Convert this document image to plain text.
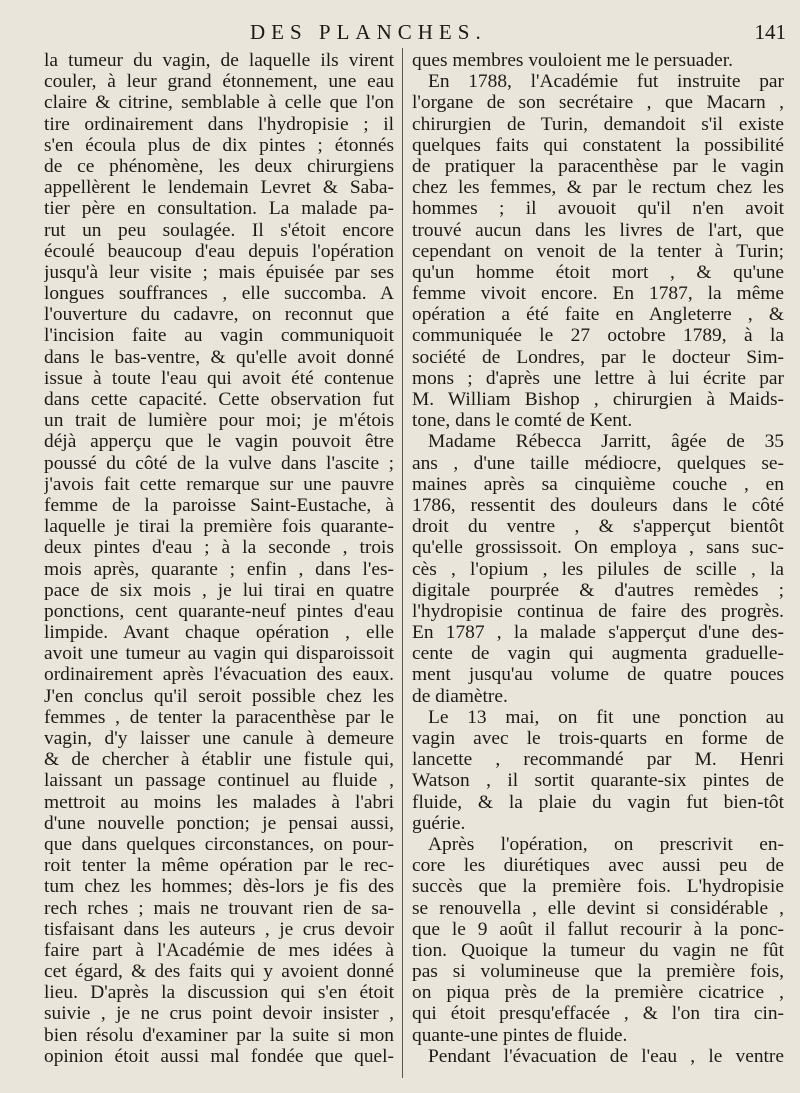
DES PLANCHES.	141
la tumeur du vagin, de laquelle ils virent
couler, à leur grand étonnement, une eau
claire & citrine, semblable à celle que l'on
tire ordinairement dans l'hydropisie ; il
s'en écoula plus de dix pintes ; étonnés
de ce phénomène, les deux chirurgiens
appellèrent le lendemain Levret & Saba-
tier père en consultation. La malade pa-
rut un peu soulagée. Il s'étoit encore
écoulé beaucoup d'eau depuis l'opération
jusqu'à leur visite ; mais épuisée par ses
longues souffrances , elle succomba. A
l'ouverture du cadavre, on reconnut que
l'incision faite au vagin communiquoit
dans le bas-ventre, & qu'elle avoit donné
issue à toute l'eau qui avoit été contenue
dans cette capacité. Cette observation fut
un trait de lumière pour moi; je m'étois
déjà apperçu que le vagin pouvoit être
poussé du côté de la vulve dans l'ascite ;
j'avois fait cette remarque sur une pauvre
femme de la paroisse Saint-Eustache, à
laquelle je tirai la première fois quarante-
deux pintes d'eau ; à la seconde , trois
mois après, quarante ; enfin , dans l'es-
pace de six mois , je lui tirai en quatre
ponctions, cent quarante-neuf pintes d'eau
limpide. Avant chaque opération , elle
avoit une tumeur au vagin qui disparoissoit
ordinairement après l'évacuation des eaux.
J'en conclus qu'il seroit possible chez les
femmes , de tenter la paracenthèse par le
vagin, d'y laisser une canule à demeure
& de chercher à établir une fistule qui,
laissant un passage continuel au fluide ,
mettroit au moins les malades à l'abri
d'une nouvelle ponction; je pensai aussi,
que dans quelques circonstances, on pour-
roit tenter la même opération par le rec-
tum chez les hommes; dès-lors je fis des
rech rches ; mais ne trouvant rien de sa-
tisfaisant dans les auteurs , je crus devoir
faire part à l'Académie de mes idées à
cet égard, & des faits qui y avoient donné
lieu. D'après la discussion qui s'en étoit
suivie , je ne crus point devoir insister ,
bien résolu d'examiner par la suite si mon
opinion étoit aussi mal fondée que quel-
ques membres vouloient me le persuader.
En 1788, l'Académie fut instruite par
l'organe de son secrétaire , que Macarn ,
chirurgien de Turin, demandoit s'il existe
quelques faits qui constatent la possibilité
de pratiquer la paracenthèse par le vagin
chez les femmes, & par le rectum chez les
hommes ; il avouoit qu'il n'en avoit
trouvé aucun dans les livres de l'art, que
cependant on venoit de la tenter à Turin;
qu'un homme étoit mort , & qu'une
femme vivoit encore. En 1787, la même
opération a été faite en Angleterre , &
communiquée le 27 octobre 1789, à la
société de Londres, par le docteur Sim-
mons ; d'après une lettre à lui écrite par
M. William Bishop , chirurgien à Maids-
tone, dans le comté de Kent.
Madame Rébecca Jarritt, âgée de 35
ans , d'une taille médiocre, quelques se-
maines après sa cinquième couche , en
1786, ressentit des douleurs dans le côté
droit du ventre , & s'apperçut bientôt
qu'elle grossissoit. On employa , sans suc-
cès , l'opium , les pilules de scille , la
digitale pourprée & d'autres remèdes ;
l'hydropisie continua de faire des progrès.
En 1787 , la malade s'apperçut d'une des-
cente de vagin qui augmenta graduelle-
ment jusqu'au volume de quatre pouces
de diamètre.
Le 13 mai, on fit une ponction au
vagin avec le trois-quarts en forme de
lancette , recommandé par M. Henri
Watson , il sortit quarante-six pintes de
fluide, & la plaie du vagin fut bien-tôt
guérie.
Après l'opération, on prescrivit en-
core les diurétiques avec aussi peu de
succès que la première fois. L'hydropisie
se renouvella , elle devint si considérable ,
que le 9 août il fallut recourir à la ponc-
tion. Quoique la tumeur du vagin ne fût
pas si volumineuse que la première fois,
on piqua près de la première cicatrice ,
qui étoit presqu'effacée , & l'on tira cin-
quante-une pintes de fluide.
Pendant l'évacuation de l'eau , le ventre
